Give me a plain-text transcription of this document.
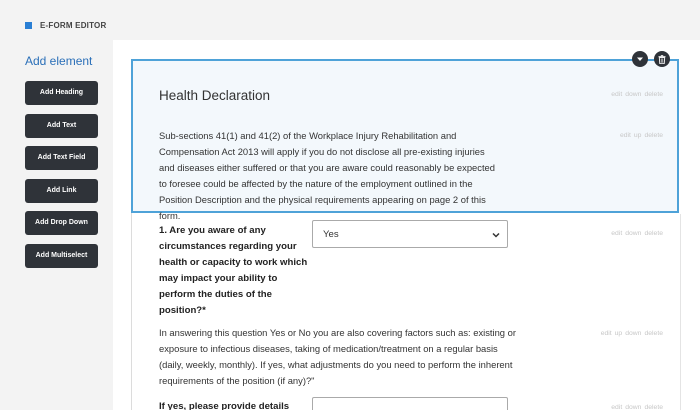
E-FORM EDITOR
Add element
Add Heading
Add Text
Add Text Field
Add Link
Add Drop Down
Add Multiselect
Health Declaration	edit down delete
Sub-sections 41(1) and 41(2) of the Workplace Injury Rehabilitation and Compensation Act 2013 will apply if you do not disclose all pre-existing injuries and diseases either suffered or that you are aware could reasonably be expected to foresee could be affected by the nature of the employment outlined in the Position Description and the physical requirements appearing on page 2 of this form.
edit up delete
1. Are you aware of any circumstances regarding your health or capacity to work which may impact your ability to perform the duties of the position?*
Yes	edit down delete
In answering this question Yes or No you are also covering factors such as: existing or exposure to infectious diseases, taking of medication/treatment on a regular basis (daily, weekly, monthly). If yes, what adjustments do you need to perform the inherent requirements of the position (if any)?"
edit up down delete
If yes, please provide details	edit down delete
